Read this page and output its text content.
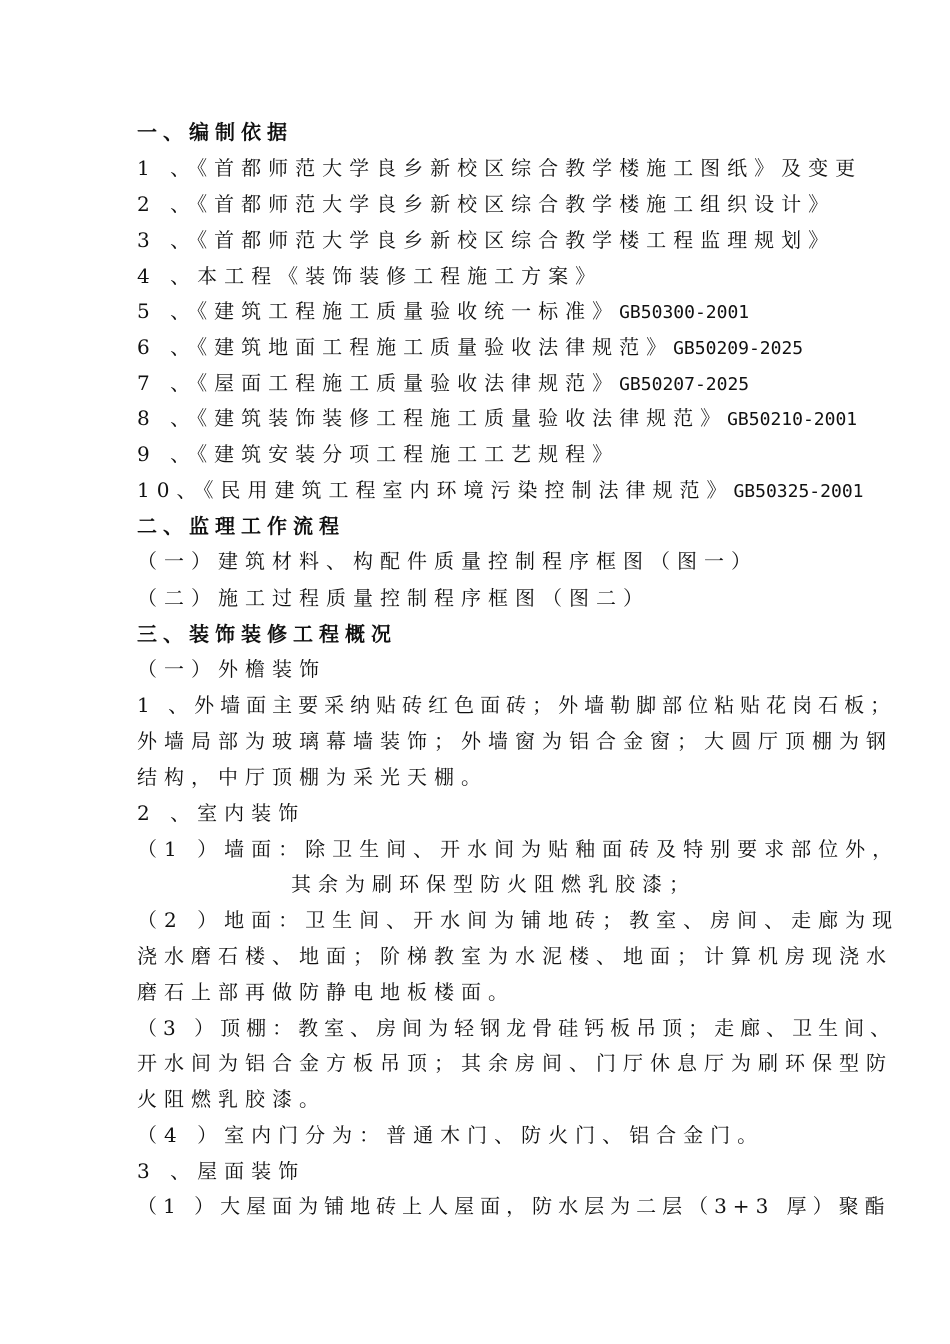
一、编制依据
1 、《首都师范大学良乡新校区综合教学楼施工图纸》及变更
2 、《首都师范大学良乡新校区综合教学楼施工组织设计》
3 、《首都师范大学良乡新校区综合教学楼工程监理规划》
4 、本工程《装饰装修工程施工方案》
5 、《建筑工程施工质量验收统一标准》GB50300-2001
6 、《建筑地面工程施工质量验收法律规范》GB50209-2025
7 、《屋面工程施工质量验收法律规范》GB50207-2025
8 、《建筑装饰装修工程施工质量验收法律规范》GB50210-2001
9 、《建筑安装分项工程施工工艺规程》
10、《民用建筑工程室内环境污染控制法律规范》GB50325-2001
二、监理工作流程
（一）建筑材料、构配件质量控制程序框图（图一）
（二）施工过程质量控制程序框图（图二）
三、装饰装修工程概况
（一）外檐装饰
1 、外墙面主要采纳贴砖红色面砖；外墙勒脚部位粘贴花岗石板；
外墙局部为玻璃幕墙装饰；外墙窗为铝合金窗；大圆厅顶棚为钢
结构，中厅顶棚为采光天棚。
2 、室内装饰
（1 ）墙面：除卫生间、开水间为贴釉面砖及特别要求部位外，
其余为刷环保型防火阻燃乳胶漆；
（2 ）地面：卫生间、开水间为铺地砖；教室、房间、走廊为现
浇水磨石楼、地面；阶梯教室为水泥楼、地面；计算机房现浇水
磨石上部再做防静电地板楼面。
（3 ）顶棚：教室、房间为轻钢龙骨硅钙板吊顶；走廊、卫生间、
开水间为铝合金方板吊顶；其余房间、门厅休息厅为刷环保型防
火阻燃乳胶漆。
（4 ）室内门分为：普通木门、防火门、铝合金门。
3 、屋面装饰
（1 ）大屋面为铺地砖上人屋面，防水层为二层（3+3 厚）聚酯
